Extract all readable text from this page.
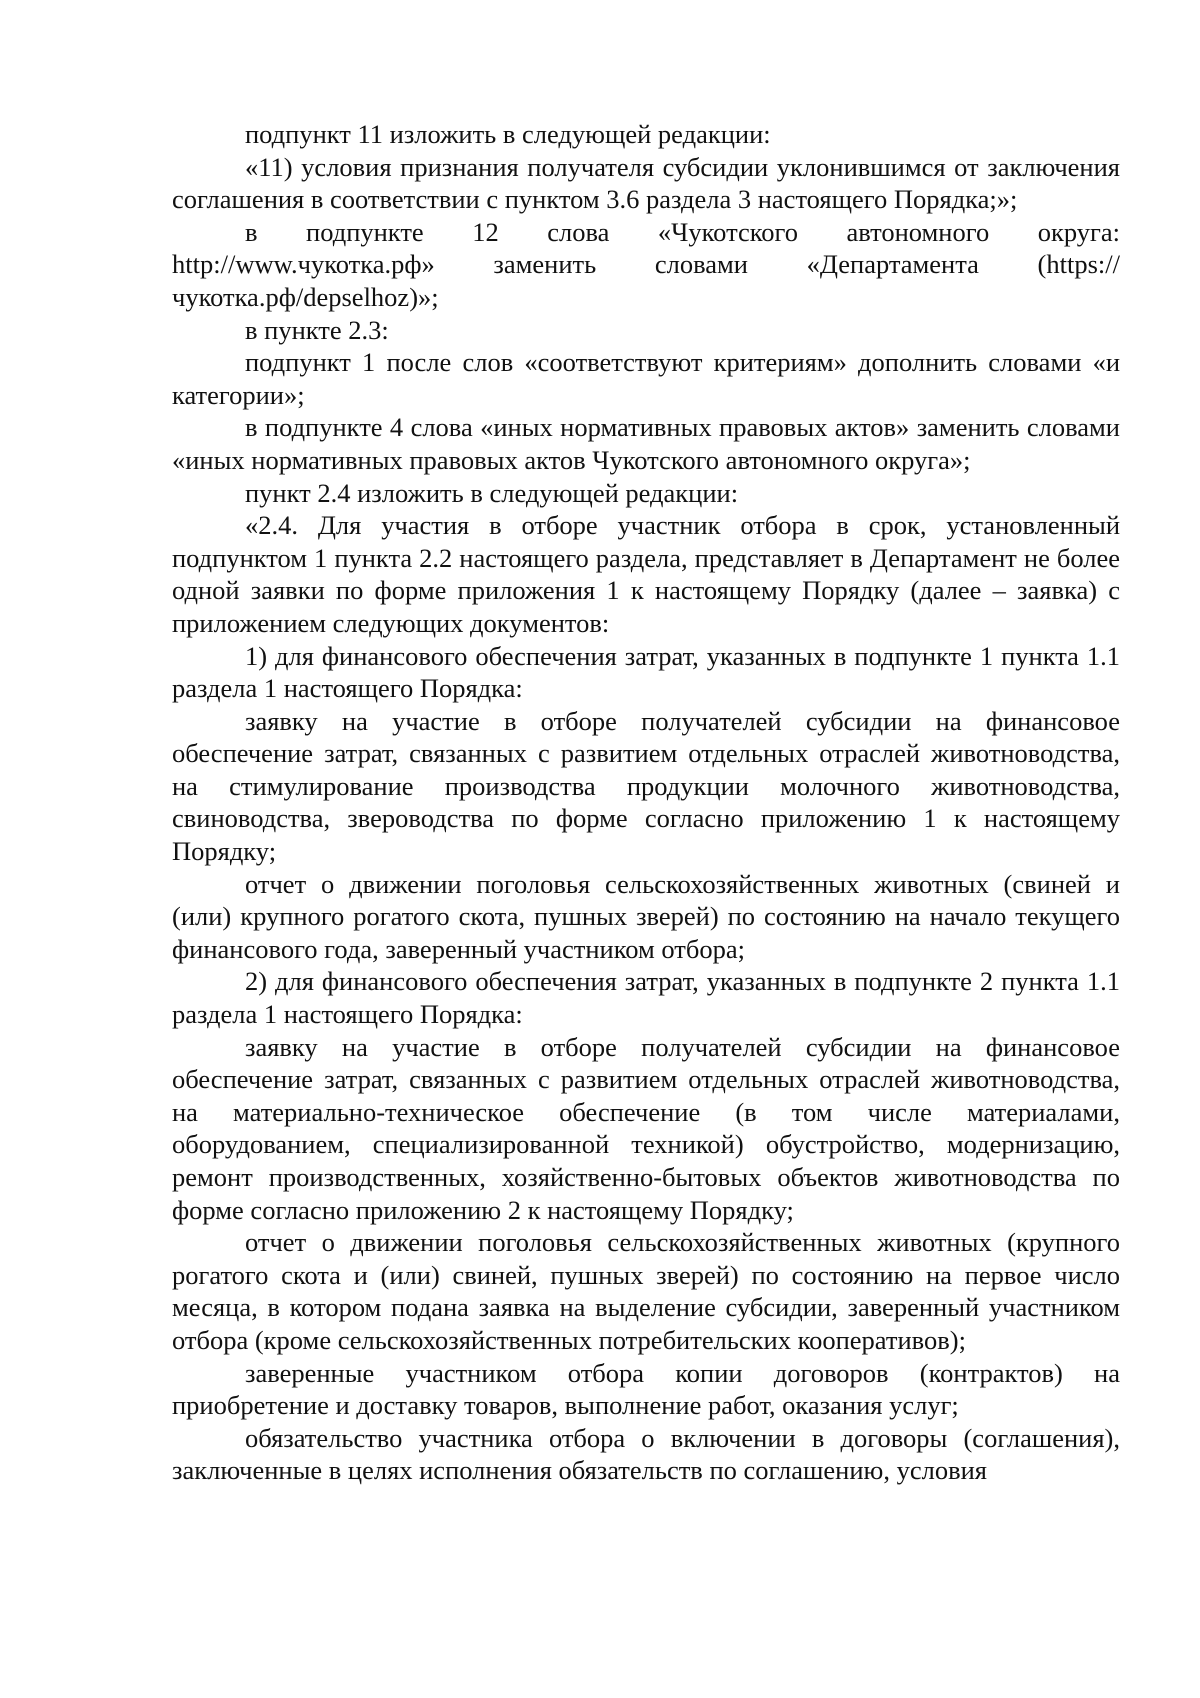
подпункт 11 изложить в следующей редакции:

«11) условия признания получателя субсидии уклонившимся от заключения соглашения в соответствии с пунктом 3.6 раздела 3 настоящего Порядка;»;

в подпункте 12 слова «Чукотского автономного округа: http://www.чукотка.рф» заменить словами «Департамента (https://чукотка.рф/depselhoz)»;

в пункте 2.3:

подпункт 1 после слов «соответствуют критериям» дополнить словами «и категории»;

в подпункте 4 слова «иных нормативных правовых актов» заменить словами «иных нормативных правовых актов Чукотского автономного округа»;

пункт 2.4 изложить в следующей редакции:

«2.4. Для участия в отборе участник отбора в срок, установленный подпунктом 1 пункта 2.2 настоящего раздела, представляет в Департамент не более одной заявки по форме приложения 1 к настоящему Порядку (далее – заявка) с приложением следующих документов:

1) для финансового обеспечения затрат, указанных в подпункте 1 пункта 1.1 раздела 1 настоящего Порядка:

заявку на участие в отборе получателей субсидии на финансовое обеспечение затрат, связанных с развитием отдельных отраслей животноводства, на стимулирование производства продукции молочного животноводства, свиноводства, звероводства по форме согласно приложению 1 к настоящему Порядку;

отчет о движении поголовья сельскохозяйственных животных (свиней и (или) крупного рогатого скота, пушных зверей) по состоянию на начало текущего финансового года, заверенный участником отбора;

2) для финансового обеспечения затрат, указанных в подпункте 2 пункта 1.1 раздела 1 настоящего Порядка:

заявку на участие в отборе получателей субсидии на финансовое обеспечение затрат, связанных с развитием отдельных отраслей животноводства, на материально-техническое обеспечение (в том числе материалами, оборудованием, специализированной техникой) обустройство, модернизацию, ремонт производственных, хозяйственно-бытовых объектов животноводства по форме согласно приложению 2 к настоящему Порядку;

отчет о движении поголовья сельскохозяйственных животных (крупного рогатого скота и (или) свиней, пушных зверей) по состоянию на первое число месяца, в котором подана заявка на выделение субсидии, заверенный участником отбора (кроме сельскохозяйственных потребительских кооперативов);

заверенные участником отбора копии договоров (контрактов) на приобретение и доставку товаров, выполнение работ, оказания услуг;

обязательство участника отбора о включении в договоры (соглашения), заключенные в целях исполнения обязательств по соглашению, условия
